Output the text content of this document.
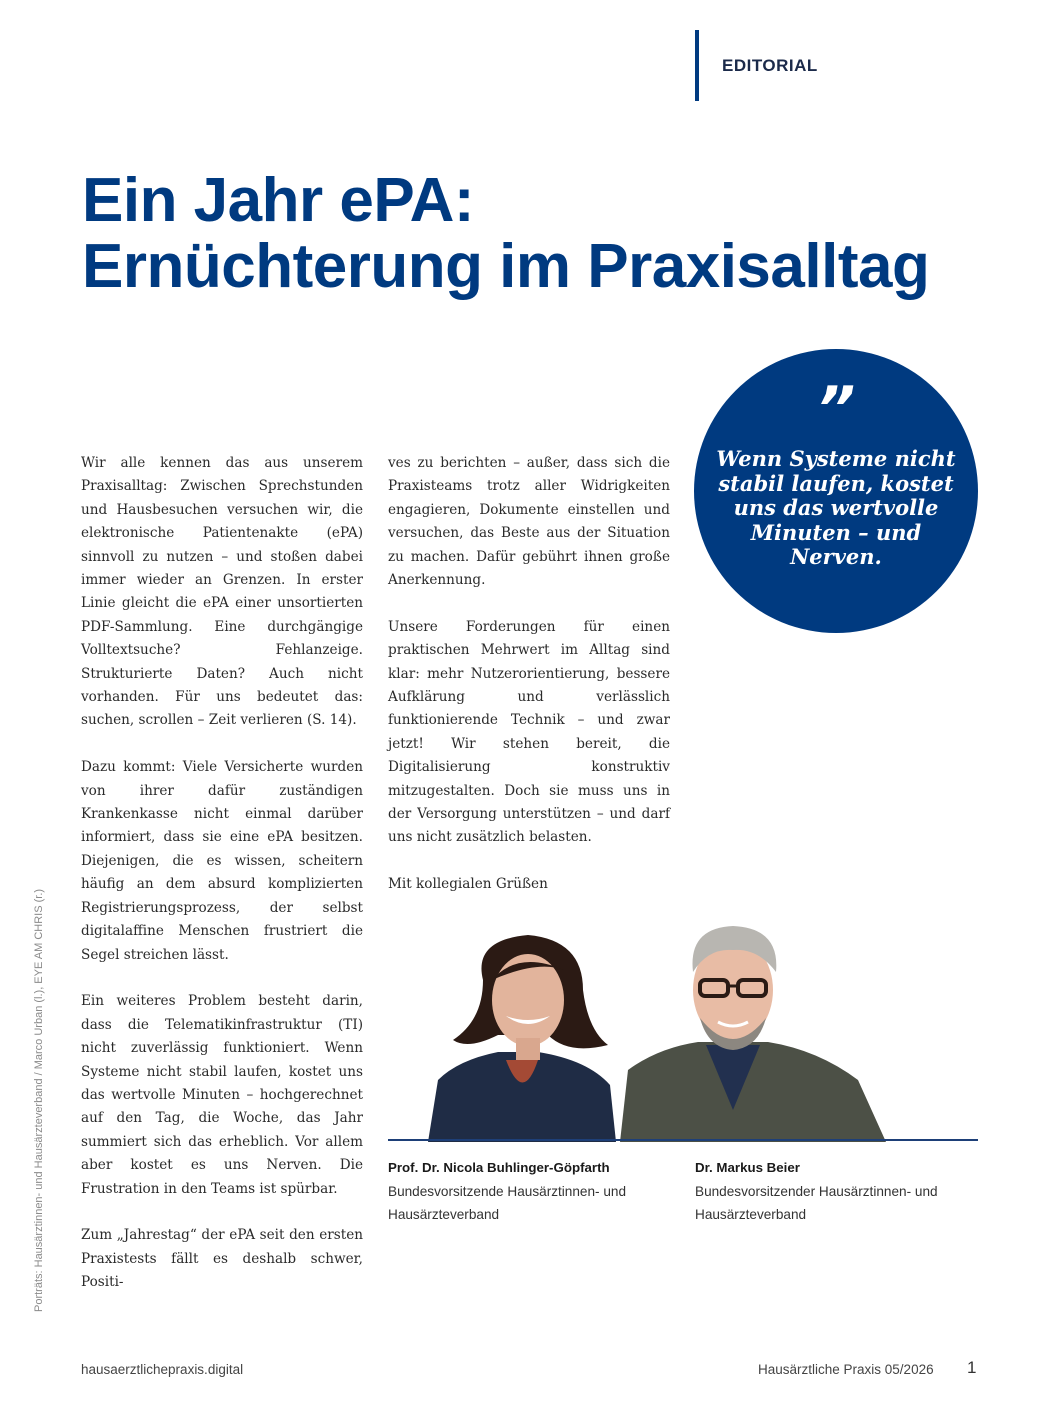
EDITORIAL
Ein Jahr ePA:
Ernüchterung im Praxisalltag

Wir alle kennen das aus unserem Praxisalltag: Zwischen Sprechstunden und Hausbesuchen versuchen wir, die elektronische Patientenakte (ePA) sinnvoll zu nutzen – und stoßen dabei immer wieder an Grenzen. In erster Linie gleicht die ePA einer unsortierten PDF-Sammlung. Eine durchgängige Volltextsuche? Fehlanzeige. Strukturierte Daten? Auch nicht vorhanden. Für uns bedeutet das: suchen, scrollen – Zeit verlieren (S. 14).

Dazu kommt: Viele Versicherte wurden von ihrer dafür zuständigen Krankenkasse nicht einmal darüber informiert, dass sie eine ePA besitzen. Diejenigen, die es wissen, scheitern häufig an dem absurd komplizierten Registrierungsprozess, der selbst digitalaffine Menschen frustriert die Segel streichen lässt.

Ein weiteres Problem besteht darin, dass die Telematikinfrastruktur (TI) nicht zuverlässig funktioniert. Wenn Systeme nicht stabil laufen, kostet uns das wertvolle Minuten – hochgerechnet auf den Tag, die Woche, das Jahr summiert sich das erheblich. Vor allem aber kostet es uns Nerven. Die Frustration in den Teams ist spürbar.

Zum „Jahrestag“ der ePA seit den ersten Praxistests fällt es deshalb schwer, Positi-

ves zu berichten – außer, dass sich die Praxisteams trotz aller Widrigkeiten engagieren, Dokumente einstellen und versuchen, das Beste aus der Situation zu machen. Dafür gebührt ihnen große Anerkennung.

Unsere Forderungen für einen praktischen Mehrwert im Alltag sind klar: mehr Nutzerorientierung, bessere Aufklärung und verlässlich funktionierende Technik – und zwar jetzt! Wir stehen bereit, die Digitalisierung konstruktiv mitzugestalten. Doch sie muss uns in der Versorgung unterstützen – und darf uns nicht zusätzlich belasten.

Mit kollegialen Grüßen

”
Wenn Systeme nicht stabil laufen, kostet uns das wertvolle Minuten – und Nerven.
Prof. Dr. Nicola Buhlinger-Göpfarth
Bundesvorsitzende Hausärztinnen- und Hausärzteverband
Dr. Markus Beier
Bundesvorsitzender Hausärztinnen- und Hausärzteverband
Porträts: Hausärztinnen- und Hausärzteverband / Marco Urban (l.), EYE AM CHRIS (r.)
hausaerztlichepraxis.digital	Hausärztliche Praxis 05/2026 1
